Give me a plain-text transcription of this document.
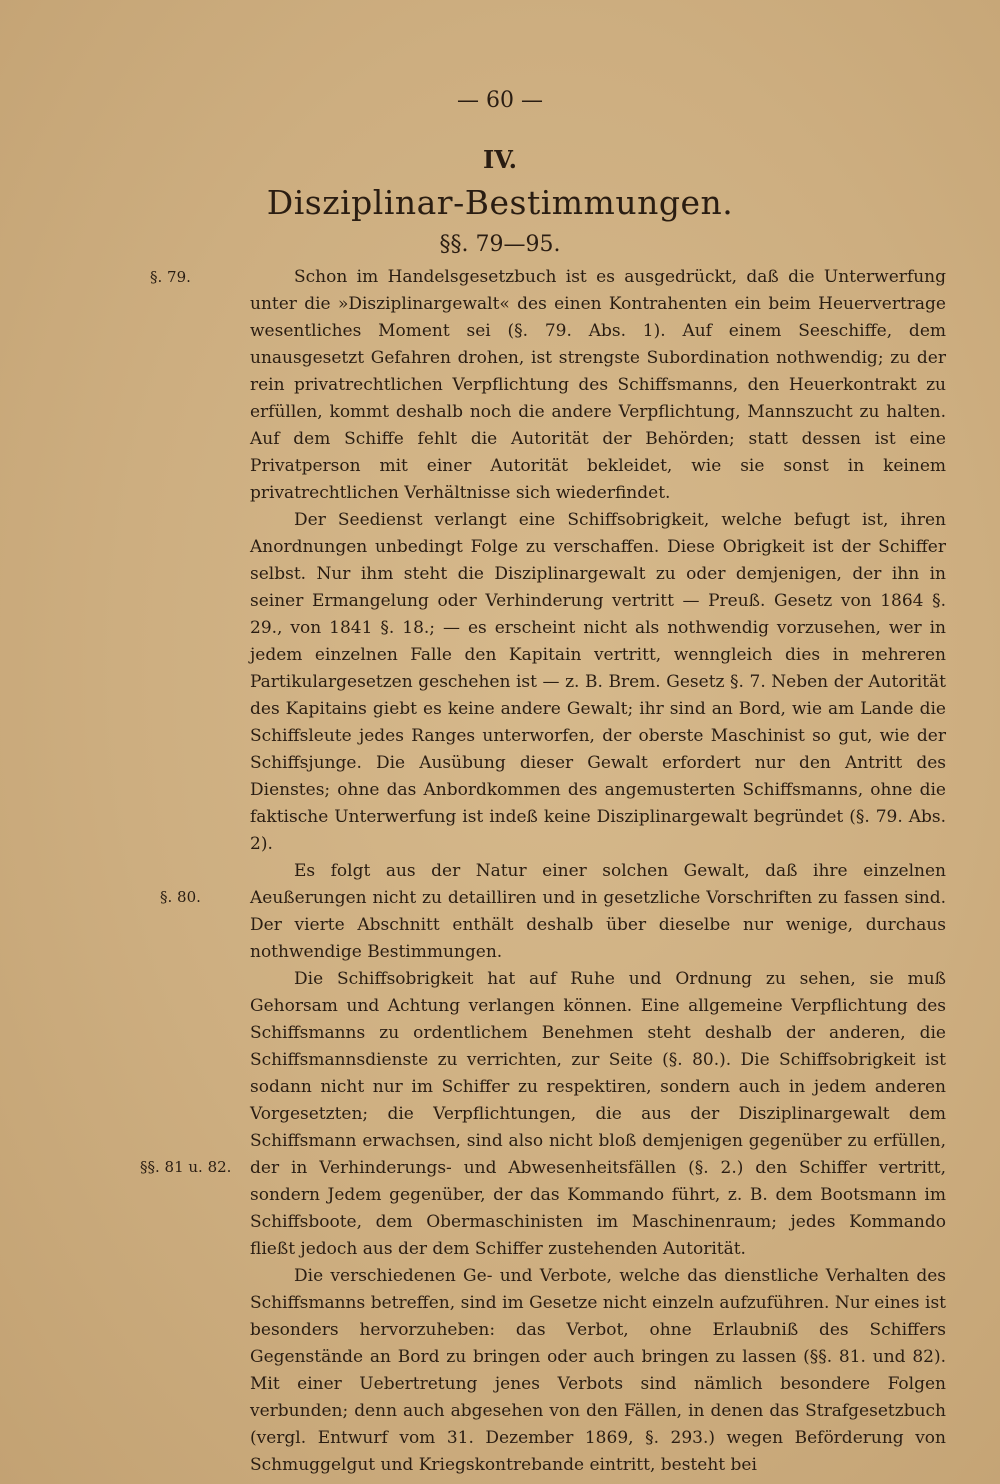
— 60 —
IV.
Disziplinar-Bestimmungen.
§§. 79—95.
§. 79.
§. 80.
§§. 81 u. 82.

Schon im Handelsgesetzbuch ist es ausgedrückt, daß die Unterwerfung unter die »Disziplinargewalt« des einen Kontrahenten ein beim Heuervertrage wesentliches Moment sei (§. 79. Abs. 1). Auf einem Seeschiffe, dem unausgesetzt Gefahren drohen, ist strengste Subordination nothwendig; zu der rein privatrechtlichen Verpflichtung des Schiffsmanns, den Heuerkontrakt zu erfüllen, kommt deshalb noch die andere Verpflichtung, Mannszucht zu halten. Auf dem Schiffe fehlt die Autorität der Behörden; statt dessen ist eine Privatperson mit einer Autorität bekleidet, wie sie sonst in keinem privatrechtlichen Verhältnisse sich wiederfindet.

Der Seedienst verlangt eine Schiffsobrigkeit, welche befugt ist, ihren Anordnungen unbedingt Folge zu verschaffen. Diese Obrigkeit ist der Schiffer selbst. Nur ihm steht die Disziplinargewalt zu oder demjenigen, der ihn in seiner Ermangelung oder Verhinderung vertritt — Preuß. Gesetz von 1864 §. 29., von 1841 §. 18.; — es erscheint nicht als nothwendig vorzusehen, wer in jedem einzelnen Falle den Kapitain vertritt, wenngleich dies in mehreren Partikulargesetzen geschehen ist — z. B. Brem. Gesetz §. 7. Neben der Autorität des Kapitains giebt es keine andere Gewalt; ihr sind an Bord, wie am Lande die Schiffsleute jedes Ranges unterworfen, der oberste Maschinist so gut, wie der Schiffsjunge. Die Ausübung dieser Gewalt erfordert nur den Antritt des Dienstes; ohne das Anbordkommen des angemusterten Schiffsmanns, ohne die faktische Unterwerfung ist indeß keine Disziplinargewalt begründet (§. 79. Abs. 2).

Es folgt aus der Natur einer solchen Gewalt, daß ihre einzelnen Aeußerungen nicht zu detailliren und in gesetzliche Vorschriften zu fassen sind. Der vierte Abschnitt enthält deshalb über dieselbe nur wenige, durchaus nothwendige Bestimmungen.

Die Schiffsobrigkeit hat auf Ruhe und Ordnung zu sehen, sie muß Gehorsam und Achtung verlangen können. Eine allgemeine Verpflichtung des Schiffsmanns zu ordentlichem Benehmen steht deshalb der anderen, die Schiffsmannsdienste zu verrichten, zur Seite (§. 80.). Die Schiffsobrigkeit ist sodann nicht nur im Schiffer zu respektiren, sondern auch in jedem anderen Vorgesetzten; die Verpflichtungen, die aus der Disziplinargewalt dem Schiffsmann erwachsen, sind also nicht bloß demjenigen gegenüber zu erfüllen, der in Verhinderungs- und Abwesenheitsfällen (§. 2.) den Schiffer vertritt, sondern Jedem gegenüber, der das Kommando führt, z. B. dem Bootsmann im Schiffsboote, dem Obermaschinisten im Maschinenraum; jedes Kommando fließt jedoch aus der dem Schiffer zustehenden Autorität.

Die verschiedenen Ge- und Verbote, welche das dienstliche Verhalten des Schiffsmanns betreffen, sind im Gesetze nicht einzeln aufzuführen. Nur eines ist besonders hervorzuheben: das Verbot, ohne Erlaubniß des Schiffers Gegenstände an Bord zu bringen oder auch bringen zu lassen (§§. 81. und 82). Mit einer Uebertretung jenes Verbots sind nämlich besondere Folgen verbunden; denn auch abgesehen von den Fällen, in denen das Strafgesetzbuch (vergl. Entwurf vom 31. Dezember 1869, §. 293.) wegen Beförderung von Schmuggelgut und Kriegskontrebande eintritt, besteht bei
